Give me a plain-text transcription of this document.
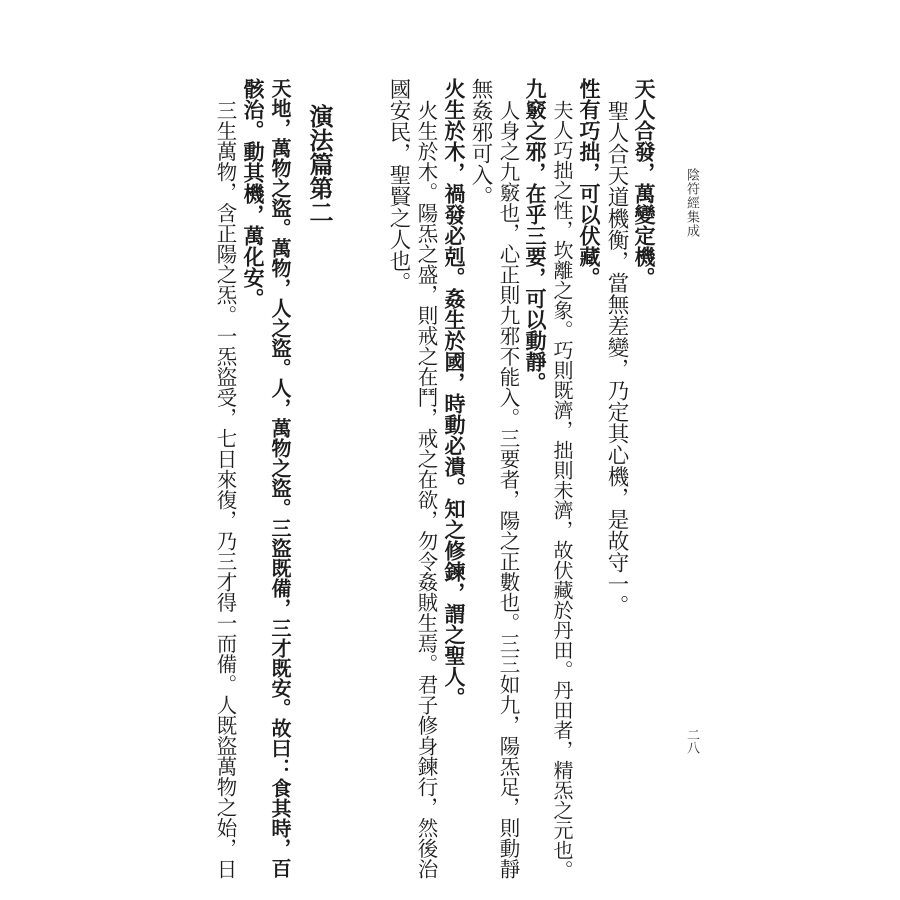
陰符經集成
二八
天人合發，萬變定機。
聖人合天道機衡，當無差變，乃定其心機，是故守一。
性有巧拙，可以伏藏。
夫人巧拙之性，坎離之象。巧則既濟，拙則未濟，故伏藏於丹田。丹田者，精炁之元也。
九竅之邪，在乎三要，可以動靜。
人身之九竅也，心正則九邪不能入。三要者，陽之正數也。三三如九，陽炁足，則動靜
無姦邪可入。
火生於木，禍發必剋。姦生於國，時動必潰。知之修鍊，謂之聖人。
火生於木。陽炁之盛，則戒之在鬥，戒之在欲，勿令姦賊生焉。君子修身鍊行，然後治
國安民，聖賢之人也。
演法篇第二
天地，萬物之盜。萬物，人之盜。人，萬物之盜。三盜既備，三才既安。故曰：食其時，百
骸治。動其機，萬化安。
三生萬物，含正陽之炁。一炁盜受，七日來復，乃三才得一而備。人既盜萬物之始，日
